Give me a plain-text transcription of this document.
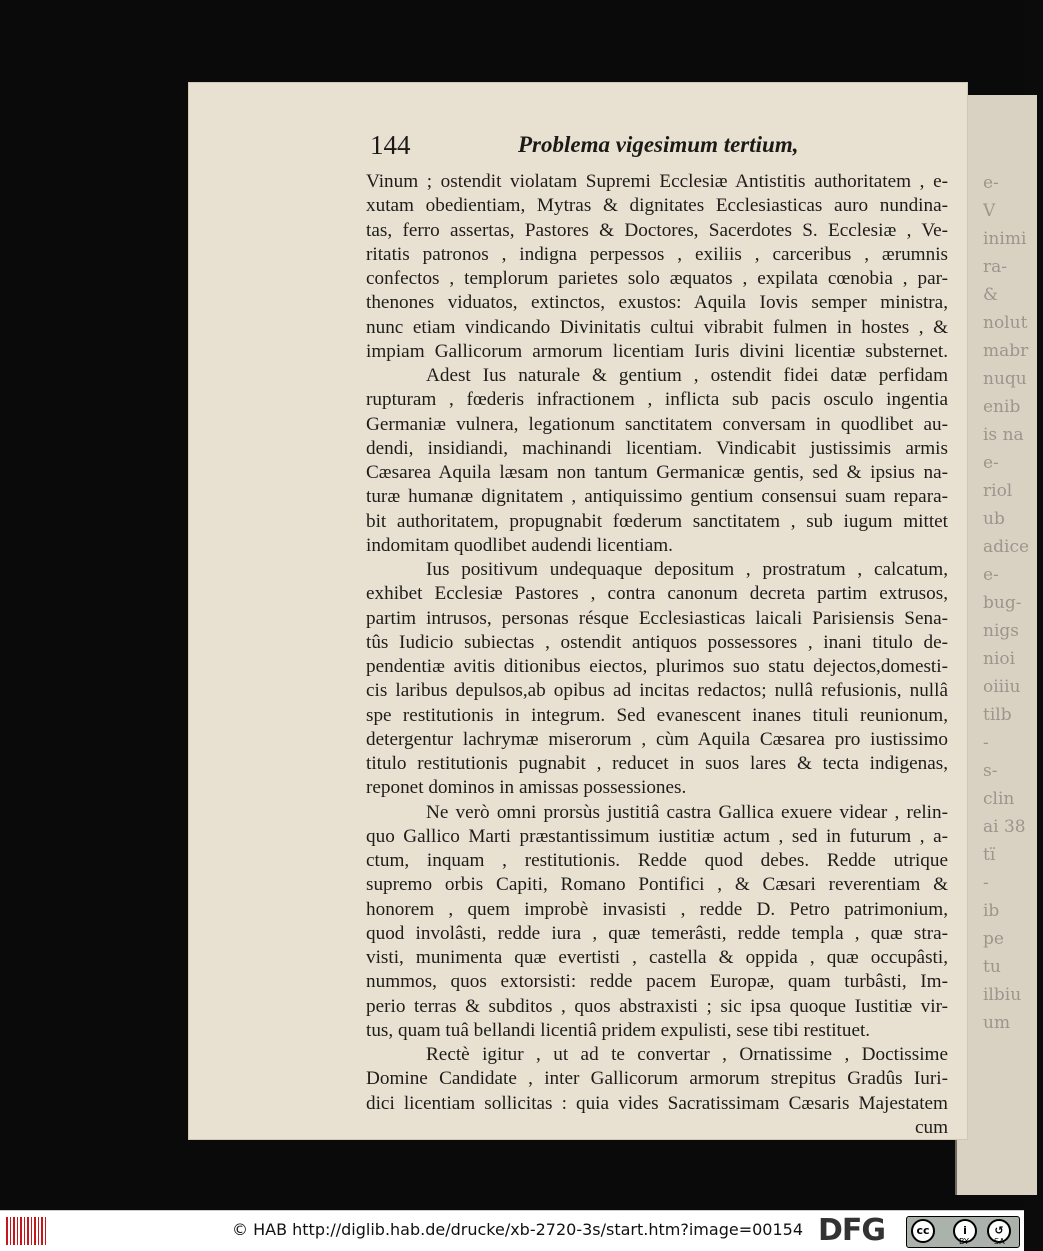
e-
V
inimi
ra-
&
nolut
mabr
nuqu
enib
is na
e-
riol
ub
adice
e-
bug-
nigs
nioi
oiiiu
tilb
-
s-
clin
ai 38
tı̈
-
ib
pe
tu
ilbiu
um
144	Problema vigesimum tertium,
Vinum ; ostendit violatam Supremi Ecclesiæ Antistitis authoritatem , e-
xutam obedientiam, Mytras & dignitates Ecclesiasticas auro nundina-
tas, ferro assertas, Pastores & Doctores, Sacerdotes S. Ecclesiæ , Ve-
ritatis patronos , indigna perpessos , exiliis , carceribus , ærumnis
confectos , templorum parietes solo æquatos , expilata cœnobia , par-
thenones viduatos, extinctos, exustos: Aquila Iovis semper ministra,
nunc etiam vindicando Divinitatis cultui vibrabit fulmen in hostes , &
impiam Gallicorum armorum licentiam Iuris divini licentiæ substernet.
Adest Ius naturale & gentium , ostendit fidei datæ perfidam
rupturam , fœderis infractionem , inflicta sub pacis osculo ingentia
Germaniæ vulnera, legationum sanctitatem conversam in quodlibet au-
dendi, insidiandi, machinandi licentiam. Vindicabit justissimis armis
Cæsarea Aquila læsam non tantum Germanicæ gentis, sed & ipsius na-
turæ humanæ dignitatem , antiquissimo gentium consensui suam repara-
bit authoritatem, propugnabit fœderum sanctitatem , sub iugum mittet
indomitam quodlibet audendi licentiam.
Ius positivum undequaque depositum , prostratum , calcatum,
exhibet Ecclesiæ Pastores , contra canonum decreta partim extrusos,
partim intrusos, personas résque Ecclesiasticas laicali Parisiensis Sena-
tûs Iudicio subiectas , ostendit antiquos possessores , inani titulo de-
pendentiæ avitis ditionibus eiectos, plurimos suo statu dejectos,domesti-
cis laribus depulsos,ab opibus ad incitas redactos; nullâ refusionis, nullâ
spe restitutionis in integrum. Sed evanescent inanes tituli reunionum,
detergentur lachrymæ miserorum , cùm Aquila Cæsarea pro iustissimo
titulo restitutionis pugnabit , reducet in suos lares & tecta indigenas,
reponet dominos in amissas possessiones.
Ne verò omni prorsùs justitiâ castra Gallica exuere videar , relin-
quo Gallico Marti præstantissimum iustitiæ actum , sed in futurum , a-
ctum, inquam , restitutionis. Redde quod debes. Redde utrique
supremo orbis Capiti, Romano Pontifici , & Cæsari reverentiam &
honorem , quem improbè invasisti , redde D. Petro patrimonium,
quod involâsti, redde iura , quæ temerâsti, redde templa , quæ stra-
visti, munimenta quæ evertisti , castella & oppida , quæ occupâsti,
nummos, quos extorsisti: redde pacem Europæ, quam turbâsti, Im-
perio terras & subditos , quos abstraxisti ; sic ipsa quoque Iustitiæ vir-
tus, quam tuâ bellandi licentiâ pridem expulisti, sese tibi restituet.
Rectè igitur , ut ad te convertar , Ornatissime , Doctissime
Domine Candidate , inter Gallicorum armorum strepitus Gradûs Iuri-
dici licentiam sollicitas : quia vides Sacratissimam Cæsaris Majestatem
cum
© HAB http://diglib.hab.de/drucke/xb-2720-3s/start.htm?image=00154 DFG	cc	i
BY
↺
SA
